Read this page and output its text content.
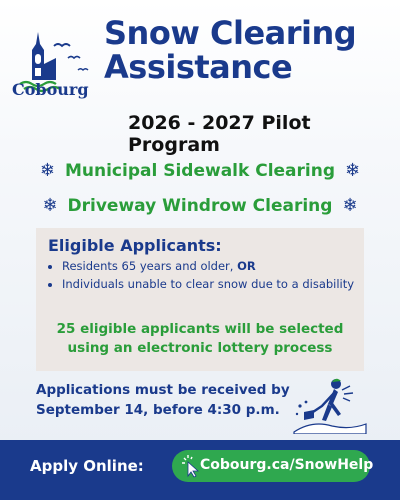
Cobourg
Snow Clearing
Assistance
2026 - 2027 Pilot Program
❄ Municipal Sidewalk Clearing ❄
❄ Driveway Windrow Clearing ❄
Eligible Applicants:
• Residents 65 years and older, OR
• Individuals unable to clear snow due to a disability
25 eligible applicants will be selected
using an electronic lottery process
Applications must be received by
September 14, before 4:30 p.m.
Apply Online:	Cobourg.ca/SnowHelp
